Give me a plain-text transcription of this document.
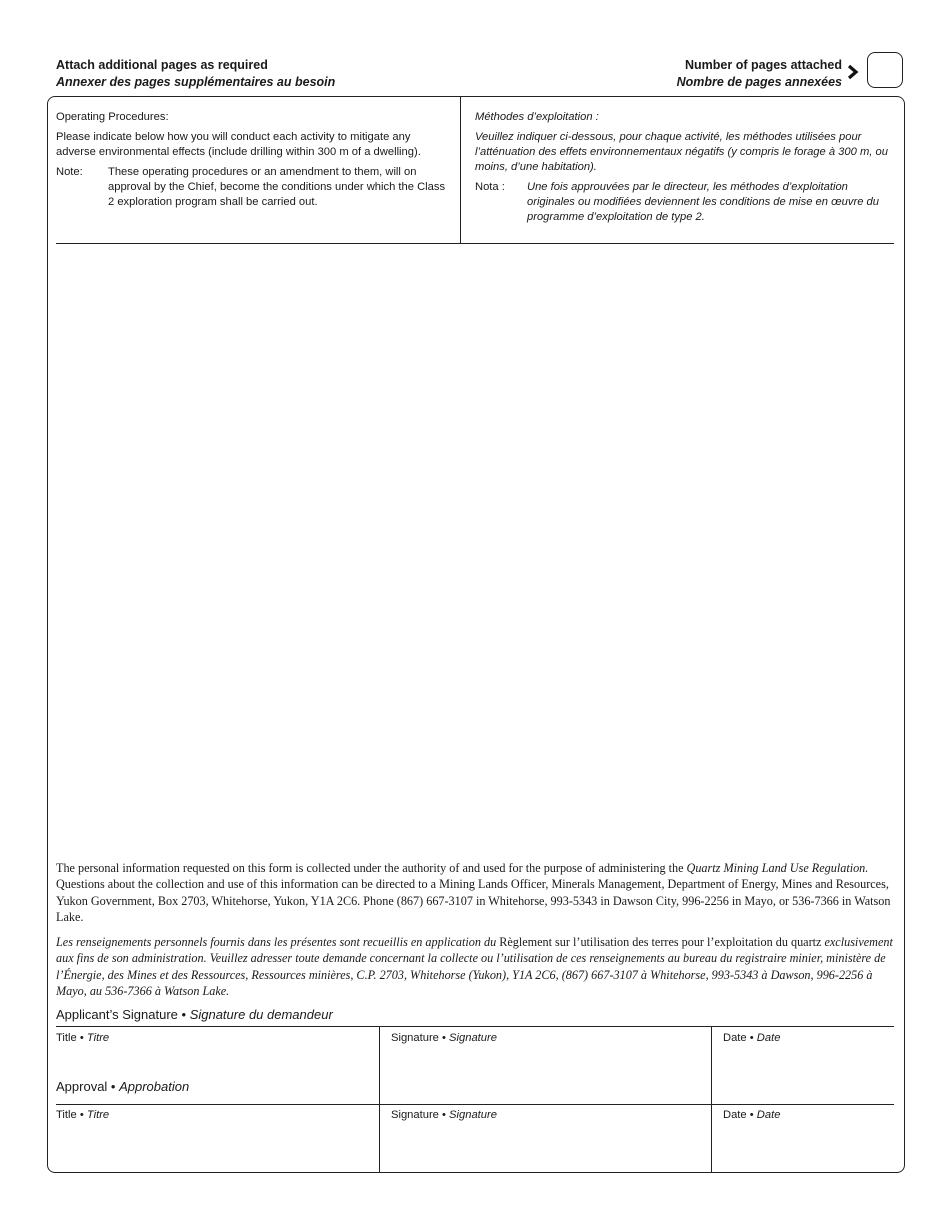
Attach additional pages as required
Annexer des pages supplémentaires au besoin
Number of pages attached
Nombre de pages annexées

Operating Procedures:

Please indicate below how you will conduct each activity to mitigate any adverse environmental effects (include drilling within 300 m of a dwelling).

Note:	These operating procedures or an amendment to them, will on approval by the Chief, become the conditions under which the Class 2 exploration program shall be carried out.

Méthodes d’exploitation :

Veuillez indiquer ci-dessous, pour chaque activité, les méthodes utilisées pour l’atténuation des effets environnementaux négatifs (y compris le forage à 300 m, ou moins, d’une habitation).

Nota :	Une fois approuvées par le directeur, les méthodes d’exploitation originales ou modifiées deviennent les conditions de mise en œuvre du programme d’exploitation de type 2.

The personal information requested on this form is collected under the authority of and used for the purpose of administering the Quartz Mining Land Use Regulation. Questions about the collection and use of this information can be directed to a Mining Lands Officer, Minerals Management, Department of Energy, Mines and Resources, Yukon Government, Box 2703, Whitehorse, Yukon, Y1A 2C6. Phone (867) 667-3107 in Whitehorse, 993-5343 in Dawson City, 996-2256 in Mayo, or 536-7366 in Watson Lake.

Les renseignements personnels fournis dans les présentes sont recueillis en application du Règlement sur l’utilisation des terres pour l’exploitation du quartz exclusivement aux fins de son administration. Veuillez adresser toute demande concernant la collecte ou l’utilisation de ces renseignements au bureau du registraire minier, ministère de l’Énergie, des Mines et des Ressources, Ressources minières, C.P. 2703, Whitehorse (Yukon), Y1A 2C6, (867) 667-3107 à Whitehorse, 993-5343 à Dawson, 996-2256 à Mayo, au 536-7366 à Watson Lake.

Applicant’s Signature • Signature du demandeur
Title • Titre	Signature • Signature	Date • Date
Approval • Approbation
Title • Titre	Signature • Signature	Date • Date
